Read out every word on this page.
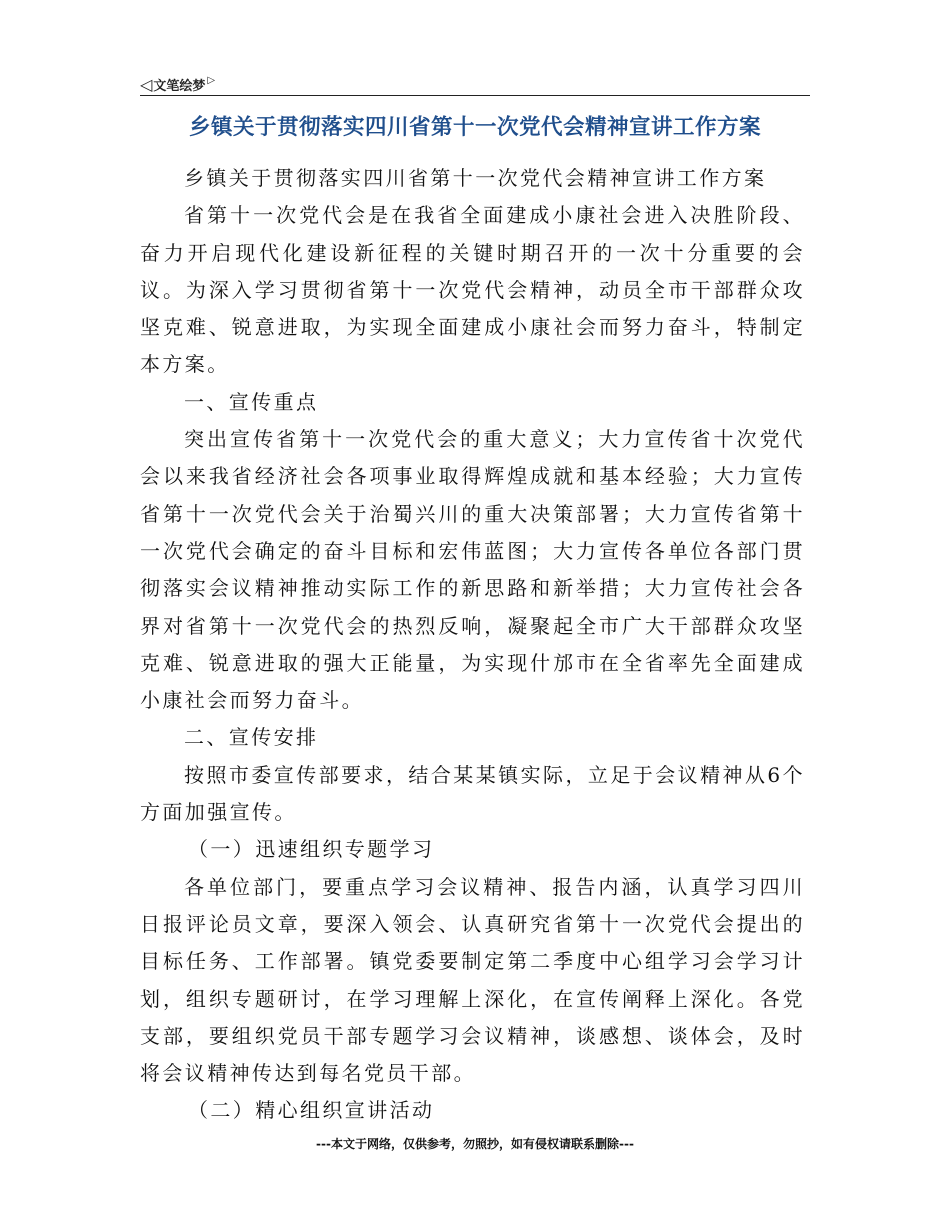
◁ 文笔绘梦 ▷
乡镇关于贯彻落实四川省第十一次党代会精神宣讲工作方案

乡镇关于贯彻落实四川省第十一次党代会精神宣讲工作方案

省第十一次党代会是在我省全面建成小康社会进入决胜阶段、奋力开启现代化建设新征程的关键时期召开的一次十分重要的会议。为深入学习贯彻省第十一次党代会精神，动员全市干部群众攻坚克难、锐意进取，为实现全面建成小康社会而努力奋斗，特制定本方案。

一、宣传重点

突出宣传省第十一次党代会的重大意义；大力宣传省十次党代会以来我省经济社会各项事业取得辉煌成就和基本经验；大力宣传省第十一次党代会关于治蜀兴川的重大决策部署；大力宣传省第十一次党代会确定的奋斗目标和宏伟蓝图；大力宣传各单位各部门贯彻落实会议精神推动实际工作的新思路和新举措；大力宣传社会各界对省第十一次党代会的热烈反响，凝聚起全市广大干部群众攻坚克难、锐意进取的强大正能量，为实现什邡市在全省率先全面建成小康社会而努力奋斗。

二、宣传安排

按照市委宣传部要求，结合某某镇实际，立足于会议精神从6个方面加强宣传。

（一）迅速组织专题学习

各单位部门，要重点学习会议精神、报告内涵，认真学习四川日报评论员文章，要深入领会、认真研究省第十一次党代会提出的目标任务、工作部署。镇党委要制定第二季度中心组学习会学习计划，组织专题研讨，在学习理解上深化，在宣传阐释上深化。各党支部，要组织党员干部专题学习会议精神，谈感想、谈体会，及时将会议精神传达到每名党员干部。

（二）精心组织宣讲活动

---本文于网络，仅供参考，勿照抄，如有侵权请联系删除---
